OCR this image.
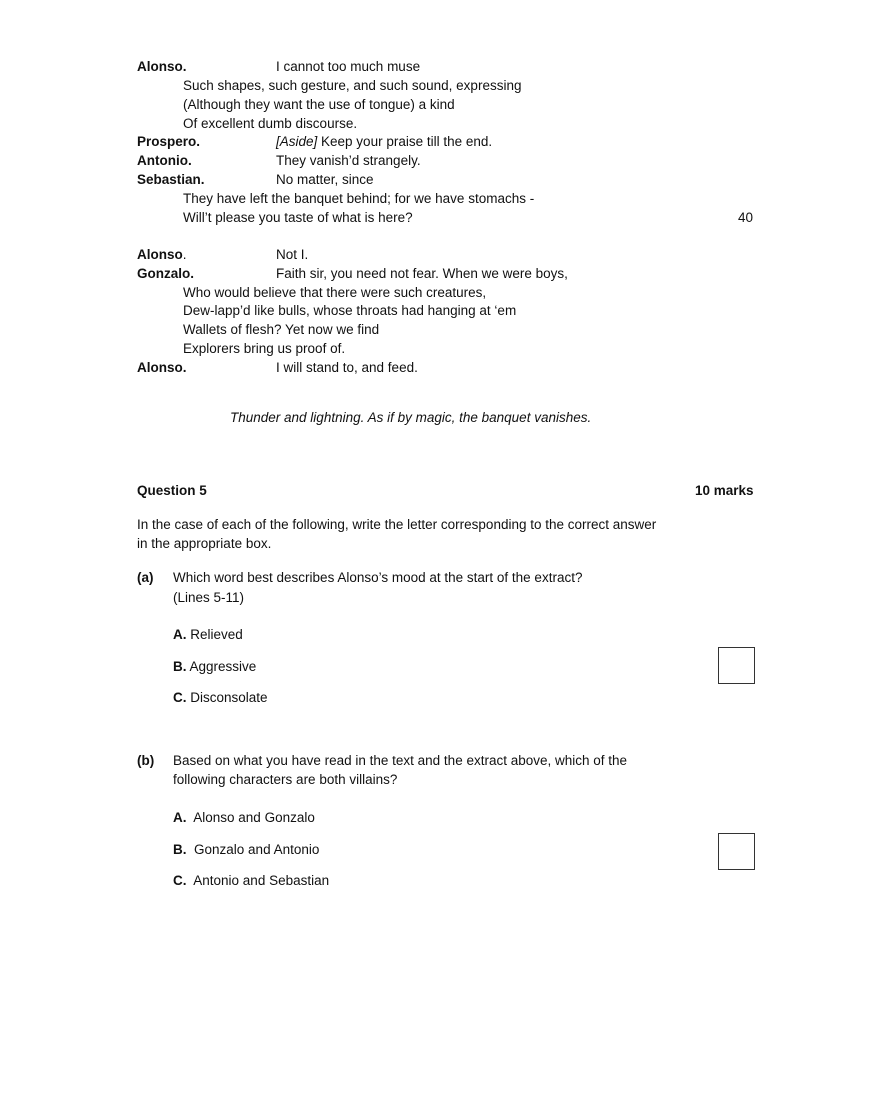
Alonso.	I cannot too much muse
Such shapes, such gesture, and such sound, expressing
(Although they want the use of tongue) a kind
Of excellent dumb discourse.
Prospero.	[Aside] Keep your praise till the end.
Antonio.	They vanish’d strangely.
Sebastian.	No matter, since
They have left the banquet behind; for we have stomachs -
Will’t please you taste of what is here?	40
Alonso.	Not I.
Gonzalo.	Faith sir, you need not fear. When we were boys,
Who would believe that there were such creatures,
Dew-lapp’d like bulls, whose throats had hanging at ‘em
Wallets of flesh? Yet now we find
Explorers bring us proof of.
Alonso.	I will stand to, and feed.
Thunder and lightning. As if by magic, the banquet vanishes.
Question 5	10 marks
In the case of each of the following, write the letter corresponding to the correct answer
in the appropriate box.
(a) Which word best describes Alonso’s mood at the start of the extract?
(Lines 5-11)
A. Relieved
B. Aggressive
C. Disconsolate
(b) Based on what you have read in the text and the extract above, which of the
following characters are both villains?
A. Alonso and Gonzalo
B. Gonzalo and Antonio
C. Antonio and Sebastian
